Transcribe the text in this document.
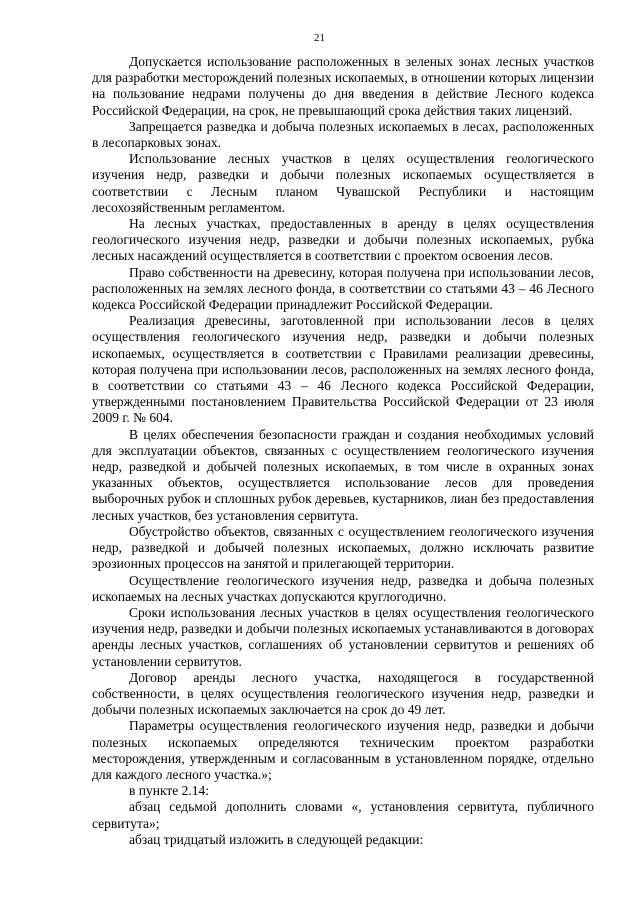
21

Допускается использование расположенных в зеленых зонах лесных участков для разработки месторождений полезных ископаемых, в отношении которых лицензии на пользование недрами получены до дня введения в действие Лесного кодекса Российской Федерации, на срок, не превышающий срока действия таких лицензий.

Запрещается разведка и добыча полезных ископаемых в лесах, расположенных в лесопарковых зонах.

Использование лесных участков в целях осуществления геологического изучения недр, разведки и добычи полезных ископаемых осуществляется в соответствии с Лесным планом Чувашской Республики и настоящим лесохозяйственным регламентом.

На лесных участках, предоставленных в аренду в целях осуществления геологического изучения недр, разведки и добычи полезных ископаемых, рубка лесных насаждений осуществляется в соответствии с проектом освоения лесов.

Право собственности на древесину, которая получена при использовании лесов, расположенных на землях лесного фонда, в соответствии со статьями 43 – 46 Лесного кодекса Российской Федерации принадлежит Российской Федерации.

Реализация древесины, заготовленной при использовании лесов в целях осуществления геологического изучения недр, разведки и добычи полезных ископаемых, осуществляется в соответствии с Правилами реализации древесины, которая получена при использовании лесов, расположенных на землях лесного фонда, в соответствии со статьями 43 – 46 Лесного кодекса Российской Федерации, утвержденными постановлением Правительства Российской Федерации от 23 июля 2009 г. № 604.

В целях обеспечения безопасности граждан и создания необходимых условий для эксплуатации объектов, связанных с осуществлением геологического изучения недр, разведкой и добычей полезных ископаемых, в том числе в охранных зонах указанных объектов, осуществляется использование лесов для проведения выборочных рубок и сплошных рубок деревьев, кустарников, лиан без предоставления лесных участков, без установления сервитута.

Обустройство объектов, связанных с осуществлением геологического изучения недр, разведкой и добычей полезных ископаемых, должно исключать развитие эрозионных процессов на занятой и прилегающей территории.

Осуществление геологического изучения недр, разведка и добыча полезных ископаемых на лесных участках допускаются круглогодично.

Сроки использования лесных участков в целях осуществления геологического изучения недр, разведки и добычи полезных ископаемых устанавливаются в договорах аренды лесных участков, соглашениях об установлении сервитутов и решениях об установлении сервитутов.

Договор аренды лесного участка, находящегося в государственной собственности, в целях осуществления геологического изучения недр, разведки и добычи полезных ископаемых заключается на срок до 49 лет.

Параметры осуществления геологического изучения недр, разведки и добычи полезных ископаемых определяются техническим проектом разработки месторождения, утвержденным и согласованным в установленном порядке, отдельно для каждого лесного участка.»;

в пункте 2.14:

абзац седьмой дополнить словами «, установления сервитута, публичного сервитута»;

абзац тридцатый изложить в следующей редакции:
